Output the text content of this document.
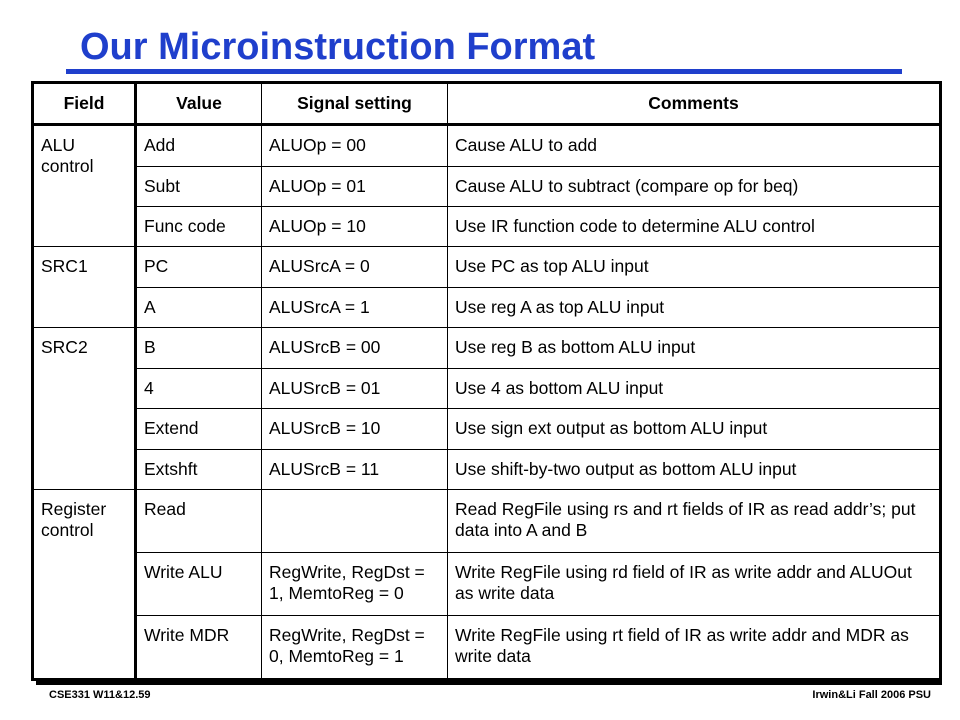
Our Microinstruction Format
Field	Value	Signal setting	Comments
ALU control	Add	ALUOp = 00	Cause ALU to add
	Subt	ALUOp = 01	Cause ALU to subtract (compare op for beq)
	Func code	ALUOp = 10	Use IR function code to determine ALU control
SRC1	PC	ALUSrcA = 0	Use PC as top ALU input
	A	ALUSrcA = 1	Use reg A as top ALU input
SRC2	B	ALUSrcB = 00	Use reg B as bottom ALU input
	4	ALUSrcB = 01	Use 4 as bottom ALU input
	Extend	ALUSrcB = 10	Use sign ext output as bottom ALU input
	Extshft	ALUSrcB = 11	Use shift-by-two output as bottom ALU input
Register control	Read		Read RegFile using rs and rt fields of IR as read addr’s; put data into A and B
	Write ALU	RegWrite, RegDst = 1, MemtoReg = 0	Write RegFile using rd field of IR as write addr and ALUOut as write data
	Write MDR	RegWrite, RegDst = 0, MemtoReg = 1	Write RegFile using rt field of IR as write addr and MDR as write data
CSE331 W11&12.59	Irwin&Li Fall 2006 PSU
